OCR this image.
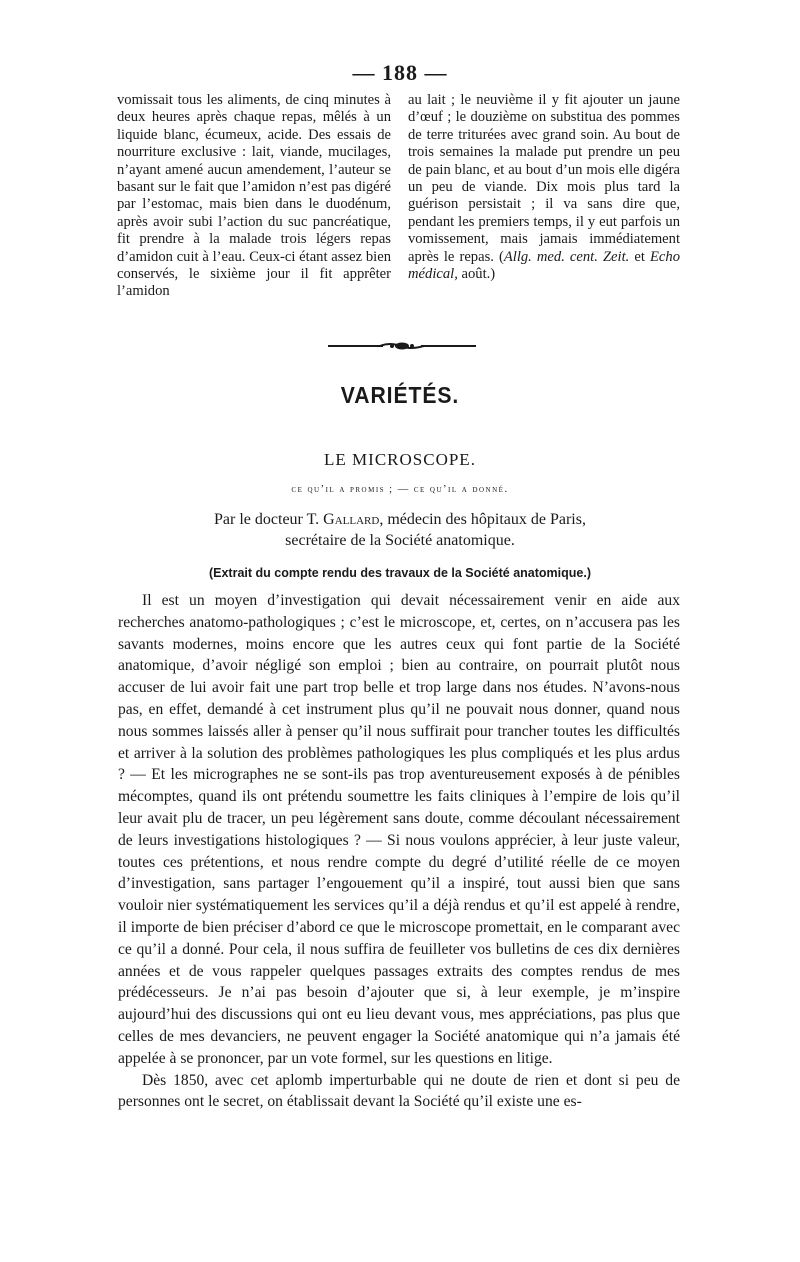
— 188 —

vomissait tous les aliments, de cinq minutes à deux heures après chaque repas, mêlés à un liquide blanc, écumeux, acide. Des essais de nourriture exclusive : lait, viande, mucilages, n’ayant amené aucun amendement, l’auteur se basant sur le fait que l’amidon n’est pas digéré par l’estomac, mais bien dans le duodénum, après avoir subi l’action du suc pancréatique, fit prendre à la malade trois légers repas d’amidon cuit à l’eau. Ceux-ci étant assez bien conservés, le sixième jour il fit apprêter l’amidon

au lait ; le neuvième il y fit ajouter un jaune d’œuf ; le douzième on substitua des pommes de terre triturées avec grand soin. Au bout de trois semaines la malade put prendre un peu de pain blanc, et au bout d’un mois elle digéra un peu de viande. Dix mois plus tard la guérison persistait ; il va sans dire que, pendant les premiers temps, il y eut parfois un vomissement, mais jamais immédiatement après le repas. (Allg. med. cent. Zeit. et Echo médical, août.)

VARIÉTÉS.
LE MICROSCOPE.
ce qu’il a promis ; — ce qu’il a donné.
Par le docteur T. Gallard, médecin des hôpitaux de Paris,
secrétaire de la Société anatomique.
(Extrait du compte rendu des travaux de la Société anatomique.)

Il est un moyen d’investigation qui devait nécessairement venir en aide aux recherches anatomo-pathologiques ; c’est le microscope, et, certes, on n’accusera pas les savants modernes, moins encore que les autres ceux qui font partie de la Société anatomique, d’avoir négligé son emploi ; bien au contraire, on pourrait plutôt nous accuser de lui avoir fait une part trop belle et trop large dans nos études. N’avons-nous pas, en effet, demandé à cet instrument plus qu’il ne pouvait nous donner, quand nous nous sommes laissés aller à penser qu’il nous suffirait pour trancher toutes les difficultés et arriver à la solution des problèmes pathologiques les plus compliqués et les plus ardus ? — Et les micrographes ne se sont-ils pas trop aventureusement exposés à de pénibles mécomptes, quand ils ont prétendu soumettre les faits cliniques à l’empire de lois qu’il leur avait plu de tracer, un peu légèrement sans doute, comme découlant nécessairement de leurs investigations histologiques ? — Si nous voulons apprécier, à leur juste valeur, toutes ces prétentions, et nous rendre compte du degré d’utilité réelle de ce moyen d’investigation, sans partager l’engouement qu’il a inspiré, tout aussi bien que sans vouloir nier systématiquement les services qu’il a déjà rendus et qu’il est appelé à rendre, il importe de bien préciser d’abord ce que le microscope promettait, en le comparant avec ce qu’il a donné. Pour cela, il nous suffira de feuilleter vos bulletins de ces dix dernières années et de vous rappeler quelques passages extraits des comptes rendus de mes prédécesseurs. Je n’ai pas besoin d’ajouter que si, à leur exemple, je m’inspire aujourd’hui des discussions qui ont eu lieu devant vous, mes appréciations, pas plus que celles de mes devanciers, ne peuvent engager la Société anatomique qui n’a jamais été appelée à se prononcer, par un vote formel, sur les questions en litige.

Dès 1850, avec cet aplomb imperturbable qui ne doute de rien et dont si peu de personnes ont le secret, on établissait devant la Société qu’il existe une es-
